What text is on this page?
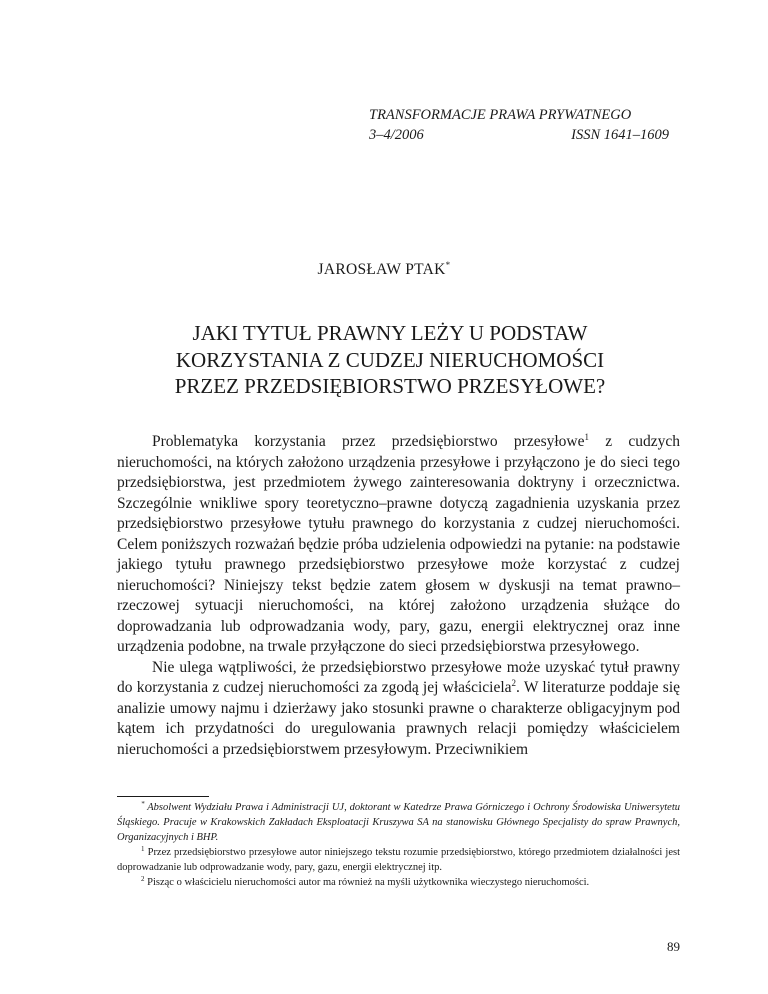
TRANSFORMACJE PRAWA PRYWATNEGO
3–4/2006	ISSN 1641–1609
JAROSŁAW PTAK*
JAKI TYTUŁ PRAWNY LEŻY U PODSTAW
KORZYSTANIA Z CUDZEJ NIERUCHOMOŚCI
PRZEZ PRZEDSIĘBIORSTWO PRZESYŁOWE?

Problematyka korzystania przez przedsiębiorstwo przesyłowe$^1$ z cudzych nieruchomości, na których założono urządzenia przesyłowe i przyłączono je do sieci tego przedsiębiorstwa, jest przedmiotem żywego zainteresowania doktryny i orzecznictwa. Szczególnie wnikliwe spory teoretyczno–prawne dotyczą zagadnienia uzyskania przez przedsiębiorstwo przesyłowe tytułu prawnego do korzystania z cudzej nieruchomości. Celem poniższych rozważań będzie próba udzielenia odpowiedzi na pytanie: na podstawie jakiego tytułu prawnego przedsiębiorstwo przesyłowe może korzystać z cudzej nieruchomości? Niniejszy tekst będzie zatem głosem w dyskusji na temat prawno–rzeczowej sytuacji nieruchomości, na której założono urządzenia służące do doprowadzania lub odprowadzania wody, pary, gazu, energii elektrycznej oraz inne urządzenia podobne, na trwale przyłączone do sieci przedsiębiorstwa przesyłowego.

Nie ulega wątpliwości, że przedsiębiorstwo przesyłowe może uzyskać tytuł prawny do korzystania z cudzej nieruchomości za zgodą jej właściciela$^2$. W literaturze poddaje się analizie umowy najmu i dzierżawy jako stosunki prawne o charakterze obligacyjnym pod kątem ich przydatności do uregulowania prawnych relacji pomiędzy właścicielem nieruchomości a przedsiębiorstwem przesyłowym. Przeciwnikiem

* Absolwent Wydziału Prawa i Administracji UJ, doktorant w Katedrze Prawa Górniczego i Ochrony Środowiska Uniwersytetu Śląskiego. Pracuje w Krakowskich Zakładach Eksploatacji Kruszywa SA na stanowisku Głównego Specjalisty do spraw Prawnych, Organizacyjnych i BHP.

$^1$ Przez przedsiębiorstwo przesyłowe autor niniejszego tekstu rozumie przedsiębiorstwo, którego przedmiotem działalności jest doprowadzanie lub odprowadzanie wody, pary, gazu, energii elektrycznej itp.

$^2$ Pisząc o właścicielu nieruchomości autor ma również na myśli użytkownika wieczystego nieruchomości.

89
